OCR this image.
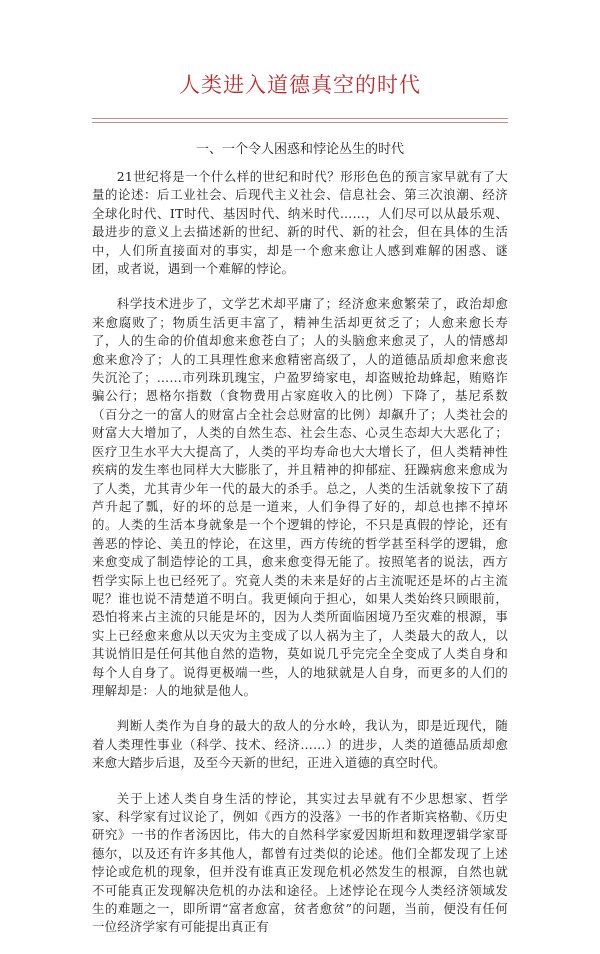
人类进入道德真空的时代
一、一个令人困惑和悖论丛生的时代

21世纪将是一个什么样的世纪和时代？形形色色的预言家早就有了大量的论述：后工业社会、后现代主义社会、信息社会、第三次浪潮、经济全球化时代、IT时代、基因时代、纳米时代……，人们尽可以从最乐观、最进步的意义上去描述新的世纪、新的时代、新的社会，但在具体的生活中，人们所直接面对的事实，却是一个愈来愈让人感到难解的困惑、谜团，或者说，遇到一个难解的悖论。

科学技术进步了，文学艺术却平庸了；经济愈来愈繁荣了，政治却愈来愈腐败了；物质生活更丰富了，精神生活却更贫乏了；人愈来愈长寿了，人的生命的价值却愈来愈苍白了；人的头脑愈来愈灵了，人的情感却愈来愈冷了；人的工具理性愈来愈精密高级了，人的道德品质却愈来愈丧失沉沦了；……市列珠玑瑰宝，户盈罗绮家电，却盗贼抢劫蜂起，贿赂诈骗公行；恩格尔指数（食物费用占家庭收入的比例）下降了，基尼系数（百分之一的富人的财富占全社会总财富的比例）却飙升了；人类社会的财富大大增加了，人类的自然生态、社会生态、心灵生态却大大恶化了；医疗卫生水平大大提高了，人类的平均寿命也大大增长了，但人类精神性疾病的发生率也同样大大膨胀了，并且精神的抑郁症、狂躁病愈来愈成为了人类，尤其青少年一代的最大的杀手。总之，人类的生活就象按下了葫芦升起了瓢，好的坏的总是一道来，人们争得了好的，却总也摔不掉坏的。人类的生活本身就象是一个个逻辑的悖论，不只是真假的悖论，还有善恶的悖论、美丑的悖论，在这里，西方传统的哲学甚至科学的逻辑，愈来愈变成了制造悖论的工具，愈来愈变得无能了。按照笔者的说法，西方哲学实际上也已经死了。究竟人类的未来是好的占主流呢还是坏的占主流呢？谁也说不清楚道不明白。我更倾向于担心，如果人类始终只顾眼前，恐怕将来占主流的只能是坏的，因为人类所面临困境乃至灾难的根源，事实上已经愈来愈从以天灾为主变成了以人祸为主了，人类最大的敌人，以其说悄旧是任何其他自然的造物，莫如说几乎完完全全变成了人类自身和每个人自身了。说得更极端一些，人的地狱就是人自身，而更多的人们的理解却是：人的地狱是他人。

判断人类作为自身的最大的敌人的分水岭，我认为，即是近现代，随着人类理性事业（科学、技术、经济……）的进步，人类的道德品质却愈来愈大踏步后退，及至今天新的世纪，正进入道德的真空时代。

关于上述人类自身生活的悖论，其实过去早就有不少思想家、哲学家、科学家有过议论了，例如《西方的没落》一书的作者斯宾格勒、《历史研究》一书的作者汤因比，伟大的自然科学家爱因斯坦和数理逻辑学家哥德尔，以及还有许多其他人，都曾有过类似的论述。他们全都发现了上述悖论或危机的现象，但并没有谁真正发现危机必然发生的根源，自然也就不可能真正发现解决危机的办法和途径。上述悖论在现今人类经济领域发生的难题之一，即所谓“富者愈富，贫者愈贫”的问题，当前，便没有任何一位经济学家有可能提出真正有
